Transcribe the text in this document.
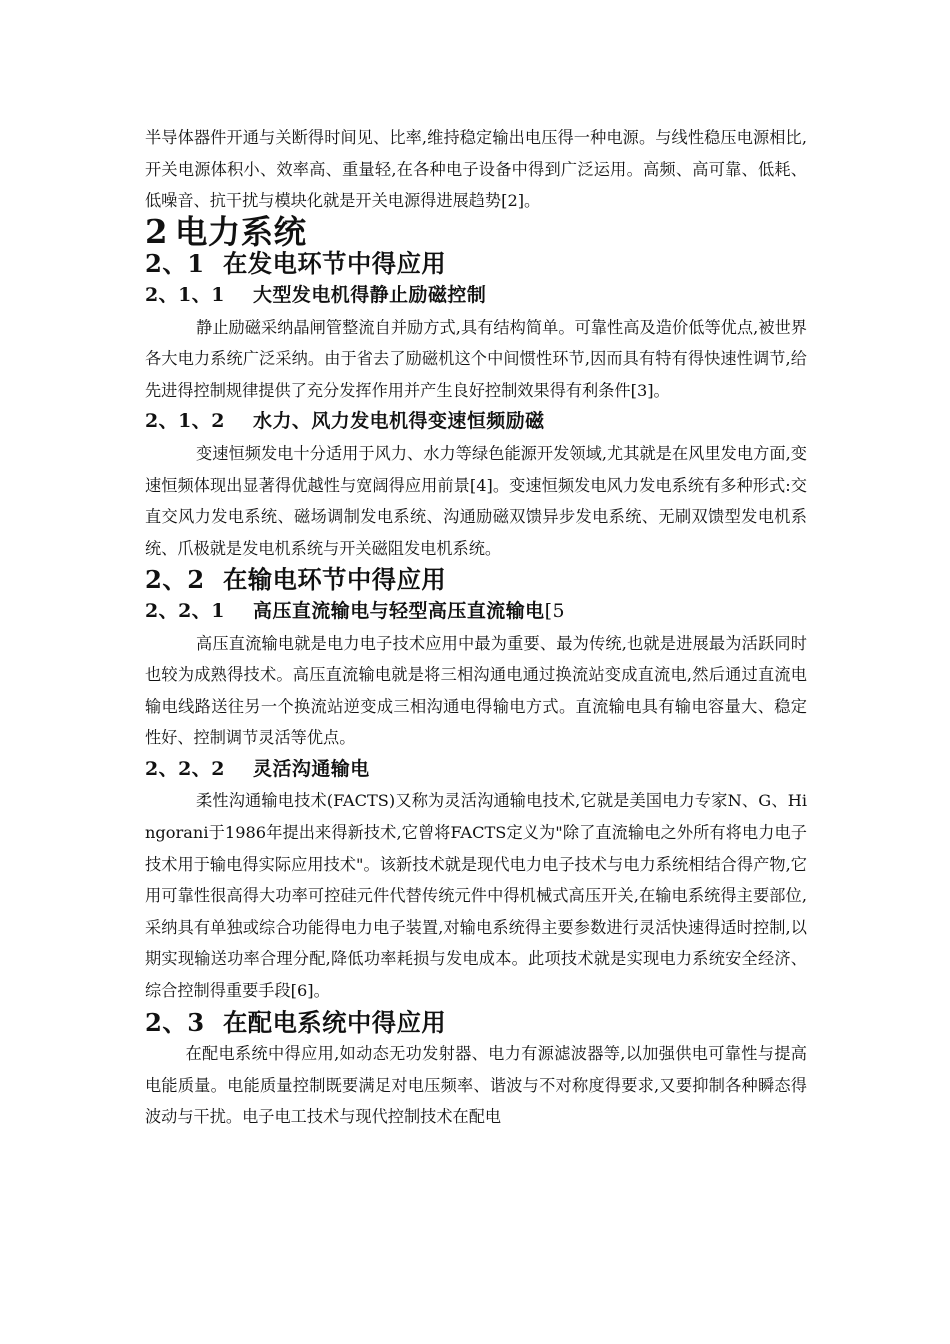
半导体器件开通与关断得时间见、比率,维持稳定输出电压得一种电源。与线性稳压电源相比,开关电源体积小、效率高、重量轻,在各种电子设备中得到广泛运用。高频、高可靠、低耗、低噪音、抗干扰与模块化就是开关电源得进展趋势[2]。

2 电力系统
2、1 在发电环节中得应用
2、1、1 大型发电机得静止励磁控制

静止励磁采纳晶闸管整流自并励方式,具有结构简单。可靠性高及造价低等优点,被世界各大电力系统广泛采纳。由于省去了励磁机这个中间惯性环节,因而具有特有得快速性调节,给先进得控制规律提供了充分发挥作用并产生良好控制效果得有利条件[3]。

2、1、2 水力、风力发电机得变速恒频励磁

变速恒频发电十分适用于风力、水力等绿色能源开发领域,尤其就是在风里发电方面,变速恒频体现出显著得优越性与宽阔得应用前景[4]。变速恒频发电风力发电系统有多种形式:交直交风力发电系统、磁场调制发电系统、沟通励磁双馈异步发电系统、无刷双馈型发电机系统、爪极就是发电机系统与开关磁阻发电机系统。

2、2 在输电环节中得应用
2、2、1 高压直流输电与轻型高压直流输电[5

高压直流输电就是电力电子技术应用中最为重要、最为传统,也就是进展最为活跃同时也较为成熟得技术。高压直流输电就是将三相沟通电通过换流站变成直流电,然后通过直流电输电线路送往另一个换流站逆变成三相沟通电得输电方式。直流输电具有输电容量大、稳定性好、控制调节灵活等优点。

2、2、2 灵活沟通输电

柔性沟通输电技术(FACTS)又称为灵活沟通输电技术,它就是美国电力专家N、G、Hingorani于1986年提出来得新技术,它曾将FACTS定义为"除了直流输电之外所有将电力电子技术用于输电得实际应用技术"。该新技术就是现代电力电子技术与电力系统相结合得产物,它用可靠性很高得大功率可控硅元件代替传统元件中得机械式高压开关,在输电系统得主要部位,采纳具有单独或综合功能得电力电子装置,对输电系统得主要参数进行灵活快速得适时控制,以期实现输送功率合理分配,降低功率耗损与发电成本。此项技术就是实现电力系统安全经济、综合控制得重要手段[6]。

2、3 在配电系统中得应用

在配电系统中得应用,如动态无功发射器、电力有源滤波器等,以加强供电可靠性与提高电能质量。电能质量控制既要满足对电压频率、谐波与不对称度得要求,又要抑制各种瞬态得波动与干扰。电子电工技术与现代控制技术在配电
